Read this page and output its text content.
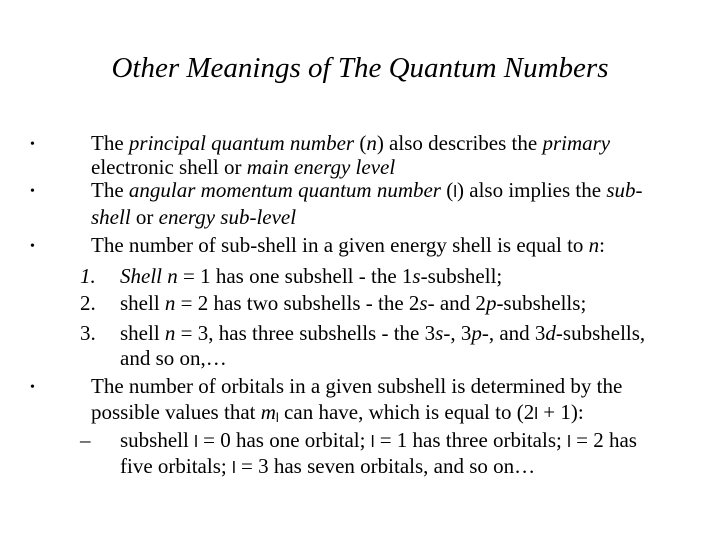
Other Meanings of The Quantum Numbers
•	The principal quantum number (n) also describes the primary
electronic shell or main energy level
•	The angular momentum quantum number (l) also implies the sub-
shell or energy sub-level
•	The number of sub-shell in a given energy shell is equal to n:
1. Shell n = 1 has one subshell - the 1s-subshell;
2. shell n = 2 has two subshells - the 2s- and 2p-subshells;
3. shell n = 3, has three subshells - the 3s-, 3p-, and 3d-subshells,
and so on,…
•	The number of orbitals in a given subshell is determined by the
possible values that $m_l$ can have, which is equal to (2l + 1):
– subshell l = 0 has one orbital; l = 1 has three orbitals; l = 2 has
five orbitals; l = 3 has seven orbitals, and so on…
